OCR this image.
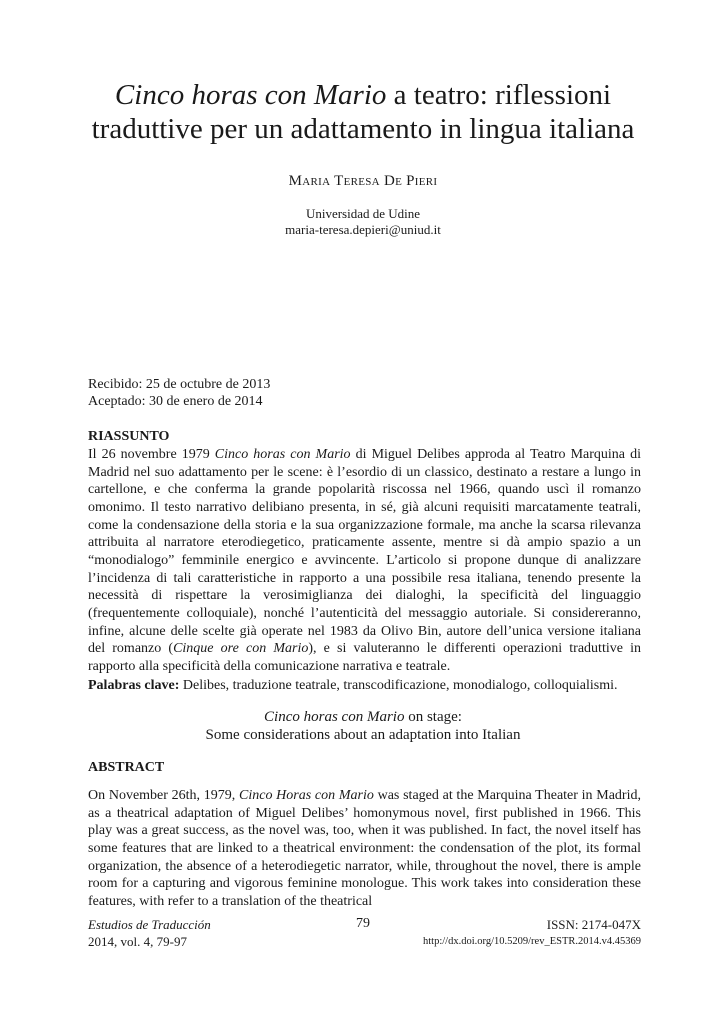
Cinco horas con Mario a teatro: riflessioni
traduttive per un adattamento in lingua italiana
Maria Teresa De Pieri
Universidad de Udine
maria-teresa.depieri@uniud.it
Recibido: 25 de octubre de 2013
Aceptado: 30 de enero de 2014
RIASSUNTO

Il 26 novembre 1979 Cinco horas con Mario di Miguel Delibes approda al Teatro Marquina di Madrid nel suo adattamento per le scene: è l’esordio di un classico, destinato a restare a lungo in cartellone, e che conferma la grande popolarità riscossa nel 1966, quando uscì il romanzo omonimo. Il testo narrativo delibiano presenta, in sé, già alcuni requisiti marcatamente teatrali, come la condensazione della storia e la sua organizzazione formale, ma anche la scarsa rilevanza attribuita al narratore eterodiegetico, praticamente assente, mentre si dà ampio spazio a un “monodialogo” femminile energico e avvincente. L’articolo si propone dunque di analizzare l’incidenza di tali caratteristiche in rapporto a una possibile resa italiana, tenendo presente la necessità di rispettare la verosimiglianza dei dialoghi, la specificità del linguaggio (frequentemente colloquiale), nonché l’autenticità del messaggio autoriale. Si considereranno, infine, alcune delle scelte già operate nel 1983 da Olivo Bin, autore dell’unica versione italiana del romanzo (Cinque ore con Mario), e si valuteranno le differenti operazioni traduttive in rapporto alla specificità della comunicazione narrativa e teatrale.

Palabras clave: Delibes, traduzione teatrale, transcodificazione, monodialogo, colloquialismi.

Cinco horas con Mario on stage:
Some considerations about an adaptation into Italian
ABSTRACT

On November 26th, 1979, Cinco Horas con Mario was staged at the Marquina Theater in Madrid, as a theatrical adaptation of Miguel Delibes’ homonymous novel, first published in 1966. This play was a great success, as the novel was, too, when it was published. In fact, the novel itself has some features that are linked to a theatrical environment: the condensation of the plot, its formal organization, the absence of a heterodiegetic narrator, while, throughout the novel, there is ample room for a capturing and vigorous feminine monologue. This work takes into consideration these features, with refer to a translation of the theatrical

Estudios de Traducción
2014, vol. 4, 79-97
79	ISSN: 2174-047X
http://dx.doi.org/10.5209/rev_ESTR.2014.v4.45369
